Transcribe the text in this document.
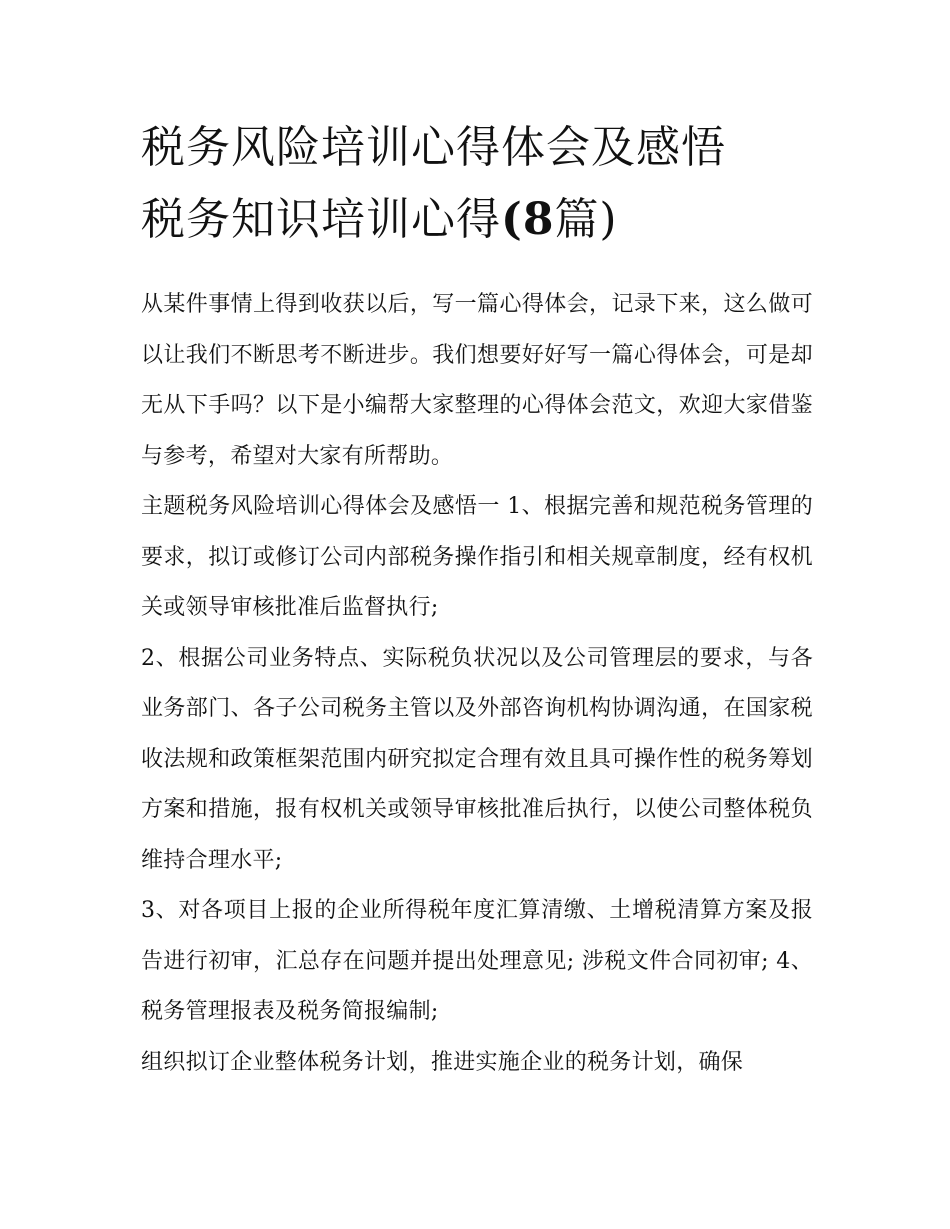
税务风险培训心得体会及感悟
税务知识培训心得(8篇)

从某件事情上得到收获以后，写一篇心得体会，记录下来，这么做可以让我们不断思考不断进步。我们想要好好写一篇心得体会，可是却无从下手吗？以下是小编帮大家整理的心得体会范文，欢迎大家借鉴与参考，希望对大家有所帮助。

主题税务风险培训心得体会及感悟一 1、根据完善和规范税务管理的要求，拟订或修订公司内部税务操作指引和相关规章制度，经有权机关或领导审核批准后监督执行;

2、根据公司业务特点、实际税负状况以及公司管理层的要求，与各业务部门、各子公司税务主管以及外部咨询机构协调沟通，在国家税收法规和政策框架范围内研究拟定合理有效且具可操作性的税务筹划方案和措施，报有权机关或领导审核批准后执行，以使公司整体税负维持合理水平;

3、对各项目上报的企业所得税年度汇算清缴、土增税清算方案及报告进行初审，汇总存在问题并提出处理意见; 涉税文件合同初审; 4、税务管理报表及税务简报编制;

组织拟订企业整体税务计划，推进实施企业的税务计划，确保
